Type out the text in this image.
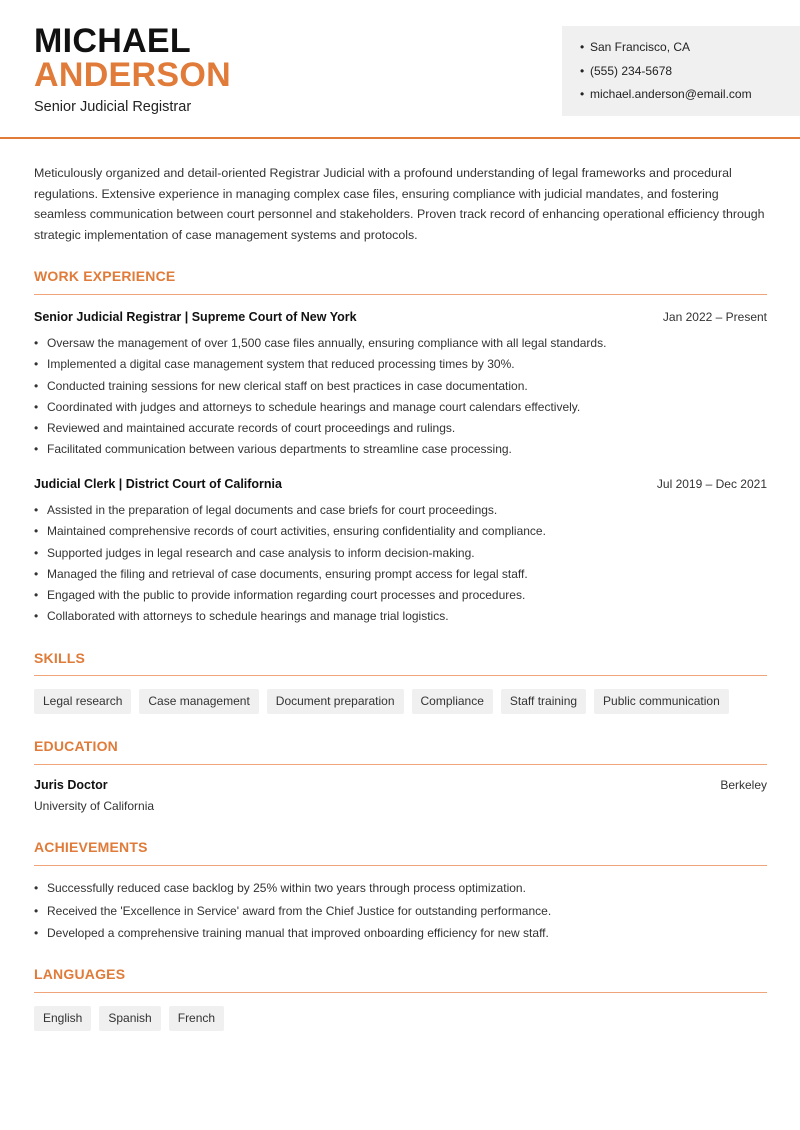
MICHAEL
ANDERSON
Senior Judicial Registrar
• San Francisco, CA
• (555) 234-5678
• michael.anderson@email.com
Meticulously organized and detail-oriented Registrar Judicial with a profound understanding of legal frameworks and procedural regulations. Extensive experience in managing complex case files, ensuring compliance with judicial mandates, and fostering seamless communication between court personnel and stakeholders. Proven track record of enhancing operational efficiency through strategic implementation of case management systems and protocols.
WORK EXPERIENCE
Senior Judicial Registrar | Supreme Court of New York	Jan 2022 – Present
• Oversaw the management of over 1,500 case files annually, ensuring compliance with all legal standards.
• Implemented a digital case management system that reduced processing times by 30%.
• Conducted training sessions for new clerical staff on best practices in case documentation.
• Coordinated with judges and attorneys to schedule hearings and manage court calendars effectively.
• Reviewed and maintained accurate records of court proceedings and rulings.
• Facilitated communication between various departments to streamline case processing.
Judicial Clerk | District Court of California	Jul 2019 – Dec 2021
• Assisted in the preparation of legal documents and case briefs for court proceedings.
• Maintained comprehensive records of court activities, ensuring confidentiality and compliance.
• Supported judges in legal research and case analysis to inform decision-making.
• Managed the filing and retrieval of case documents, ensuring prompt access for legal staff.
• Engaged with the public to provide information regarding court processes and procedures.
• Collaborated with attorneys to schedule hearings and manage trial logistics.
SKILLS
Legal research	Case management	Document preparation	Compliance	Staff training	Public communication
EDUCATION
Juris Doctor	Berkeley
University of California
ACHIEVEMENTS
• Successfully reduced case backlog by 25% within two years through process optimization.
• Received the 'Excellence in Service' award from the Chief Justice for outstanding performance.
• Developed a comprehensive training manual that improved onboarding efficiency for new staff.
LANGUAGES
English	Spanish	French
